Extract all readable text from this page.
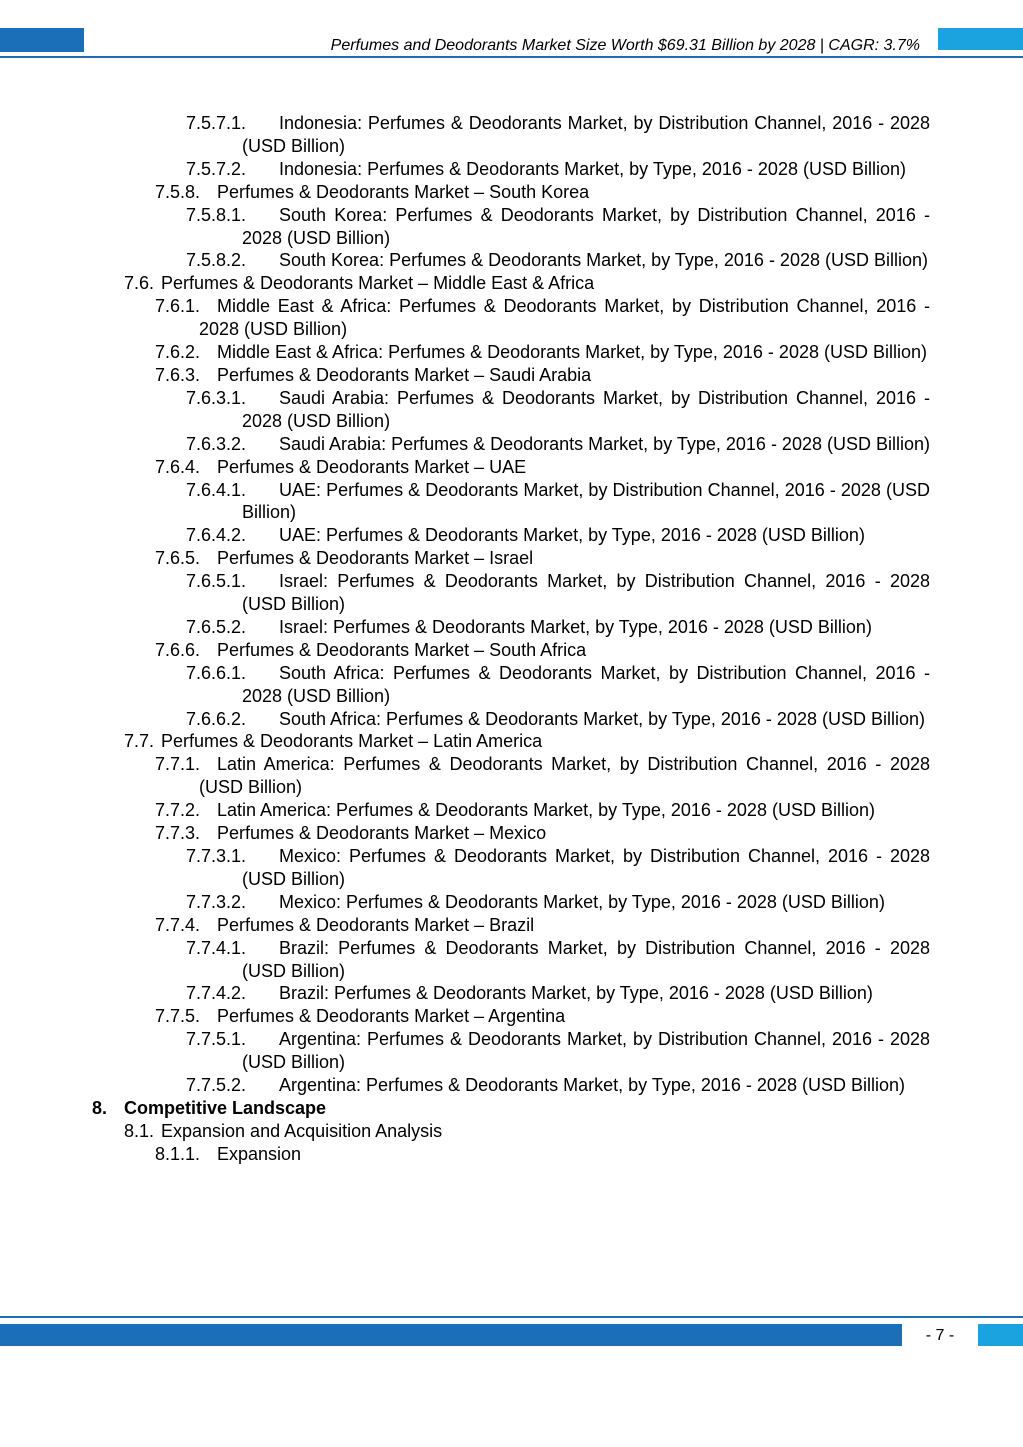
Perfumes and Deodorants Market Size Worth $69.31 Billion by 2028 | CAGR: 3.7%
7.5.7.1. Indonesia: Perfumes & Deodorants Market, by Distribution Channel, 2016 - 2028 (USD Billion)
7.5.7.2. Indonesia: Perfumes & Deodorants Market, by Type, 2016 - 2028 (USD Billion)
7.5.8. Perfumes & Deodorants Market – South Korea
7.5.8.1. South Korea: Perfumes & Deodorants Market, by Distribution Channel, 2016 - 2028 (USD Billion)
7.5.8.2. South Korea: Perfumes & Deodorants Market, by Type, 2016 - 2028 (USD Billion)
7.6. Perfumes & Deodorants Market – Middle East & Africa
7.6.1. Middle East & Africa: Perfumes & Deodorants Market, by Distribution Channel, 2016 - 2028 (USD Billion)
7.6.2. Middle East & Africa: Perfumes & Deodorants Market, by Type, 2016 - 2028 (USD Billion)
7.6.3. Perfumes & Deodorants Market – Saudi Arabia
7.6.3.1. Saudi Arabia: Perfumes & Deodorants Market, by Distribution Channel, 2016 - 2028 (USD Billion)
7.6.3.2. Saudi Arabia: Perfumes & Deodorants Market, by Type, 2016 - 2028 (USD Billion)
7.6.4. Perfumes & Deodorants Market – UAE
7.6.4.1. UAE: Perfumes & Deodorants Market, by Distribution Channel, 2016 - 2028 (USD Billion)
7.6.4.2. UAE: Perfumes & Deodorants Market, by Type, 2016 - 2028 (USD Billion)
7.6.5. Perfumes & Deodorants Market – Israel
7.6.5.1. Israel: Perfumes & Deodorants Market, by Distribution Channel, 2016 - 2028 (USD Billion)
7.6.5.2. Israel: Perfumes & Deodorants Market, by Type, 2016 - 2028 (USD Billion)
7.6.6. Perfumes & Deodorants Market – South Africa
7.6.6.1. South Africa: Perfumes & Deodorants Market, by Distribution Channel, 2016 - 2028 (USD Billion)
7.6.6.2. South Africa: Perfumes & Deodorants Market, by Type, 2016 - 2028 (USD Billion)
7.7. Perfumes & Deodorants Market – Latin America
7.7.1. Latin America: Perfumes & Deodorants Market, by Distribution Channel, 2016 - 2028 (USD Billion)
7.7.2. Latin America: Perfumes & Deodorants Market, by Type, 2016 - 2028 (USD Billion)
7.7.3. Perfumes & Deodorants Market – Mexico
7.7.3.1. Mexico: Perfumes & Deodorants Market, by Distribution Channel, 2016 - 2028 (USD Billion)
7.7.3.2. Mexico: Perfumes & Deodorants Market, by Type, 2016 - 2028 (USD Billion)
7.7.4. Perfumes & Deodorants Market – Brazil
7.7.4.1. Brazil: Perfumes & Deodorants Market, by Distribution Channel, 2016 - 2028 (USD Billion)
7.7.4.2. Brazil: Perfumes & Deodorants Market, by Type, 2016 - 2028 (USD Billion)
7.7.5. Perfumes & Deodorants Market – Argentina
7.7.5.1. Argentina: Perfumes & Deodorants Market, by Distribution Channel, 2016 - 2028 (USD Billion)
7.7.5.2. Argentina: Perfumes & Deodorants Market, by Type, 2016 - 2028 (USD Billion)
8. Competitive Landscape
8.1. Expansion and Acquisition Analysis
8.1.1. Expansion
- 7 -
